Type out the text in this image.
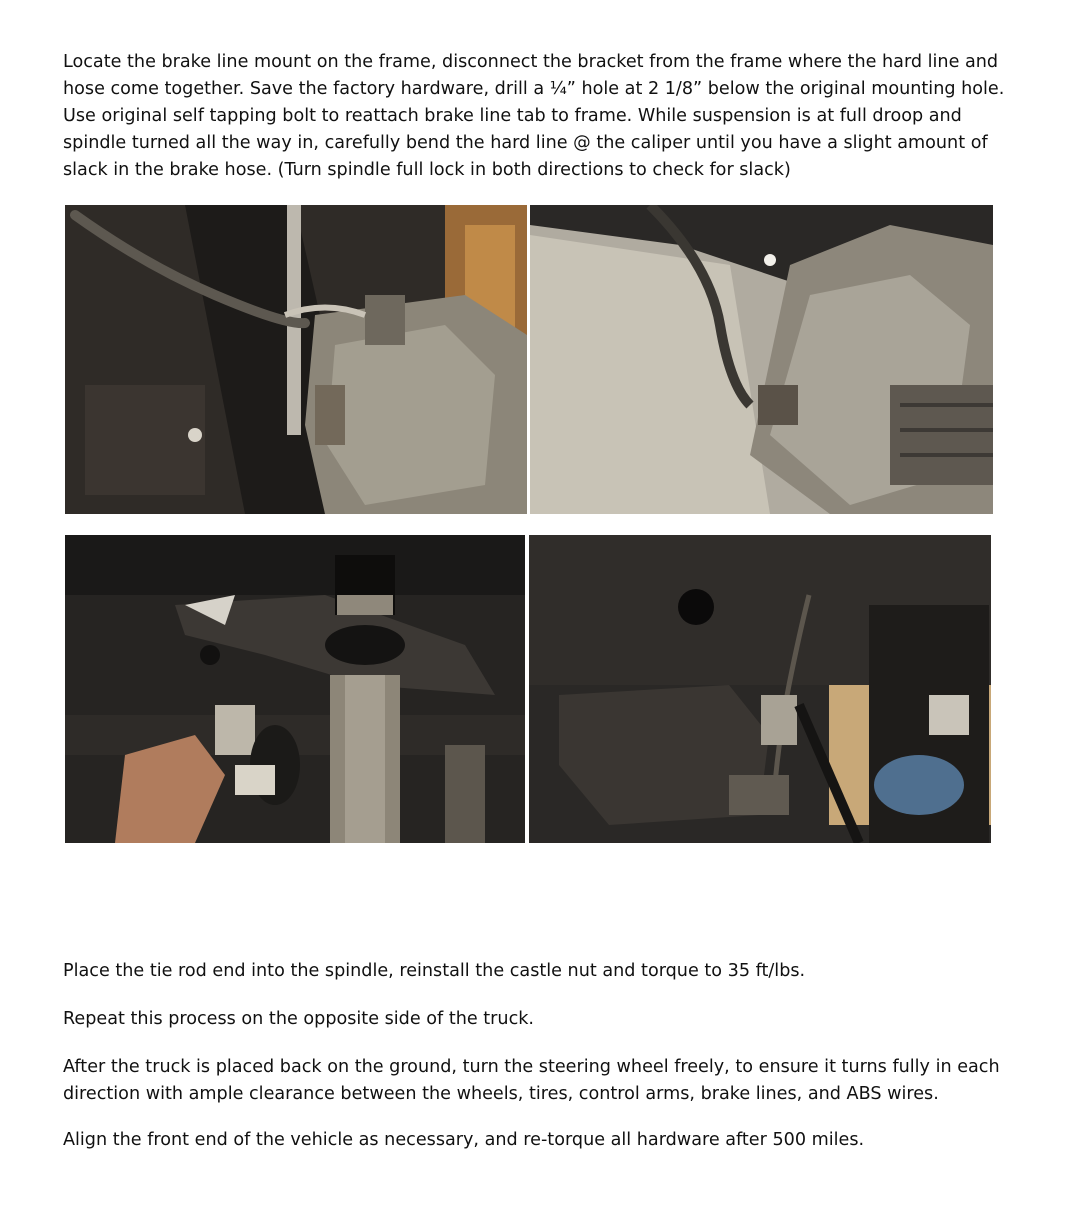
Locate the brake line mount on the frame, disconnect the bracket from the frame where the hard line and hose come together. Save the factory hardware, drill a ¼” hole at 2 1/8” below the original mounting hole. Use original self tapping bolt to reattach brake line tab to frame. While suspension is at full droop and spindle turned all the way in, carefully bend the hard line @ the caliper until you have a slight amount of slack in the brake hose. (Turn spindle full lock in both directions to check for slack)

Place the tie rod end into the spindle, reinstall the castle nut and torque to 35 ft/lbs.

Repeat this process on the opposite side of the truck.

After the truck is placed back on the ground, turn the steering wheel freely, to ensure it turns fully in each direction with ample clearance between the wheels, tires, control arms, brake lines, and ABS wires.

Align the front end of the vehicle as necessary, and re-torque all hardware after 500 miles.
